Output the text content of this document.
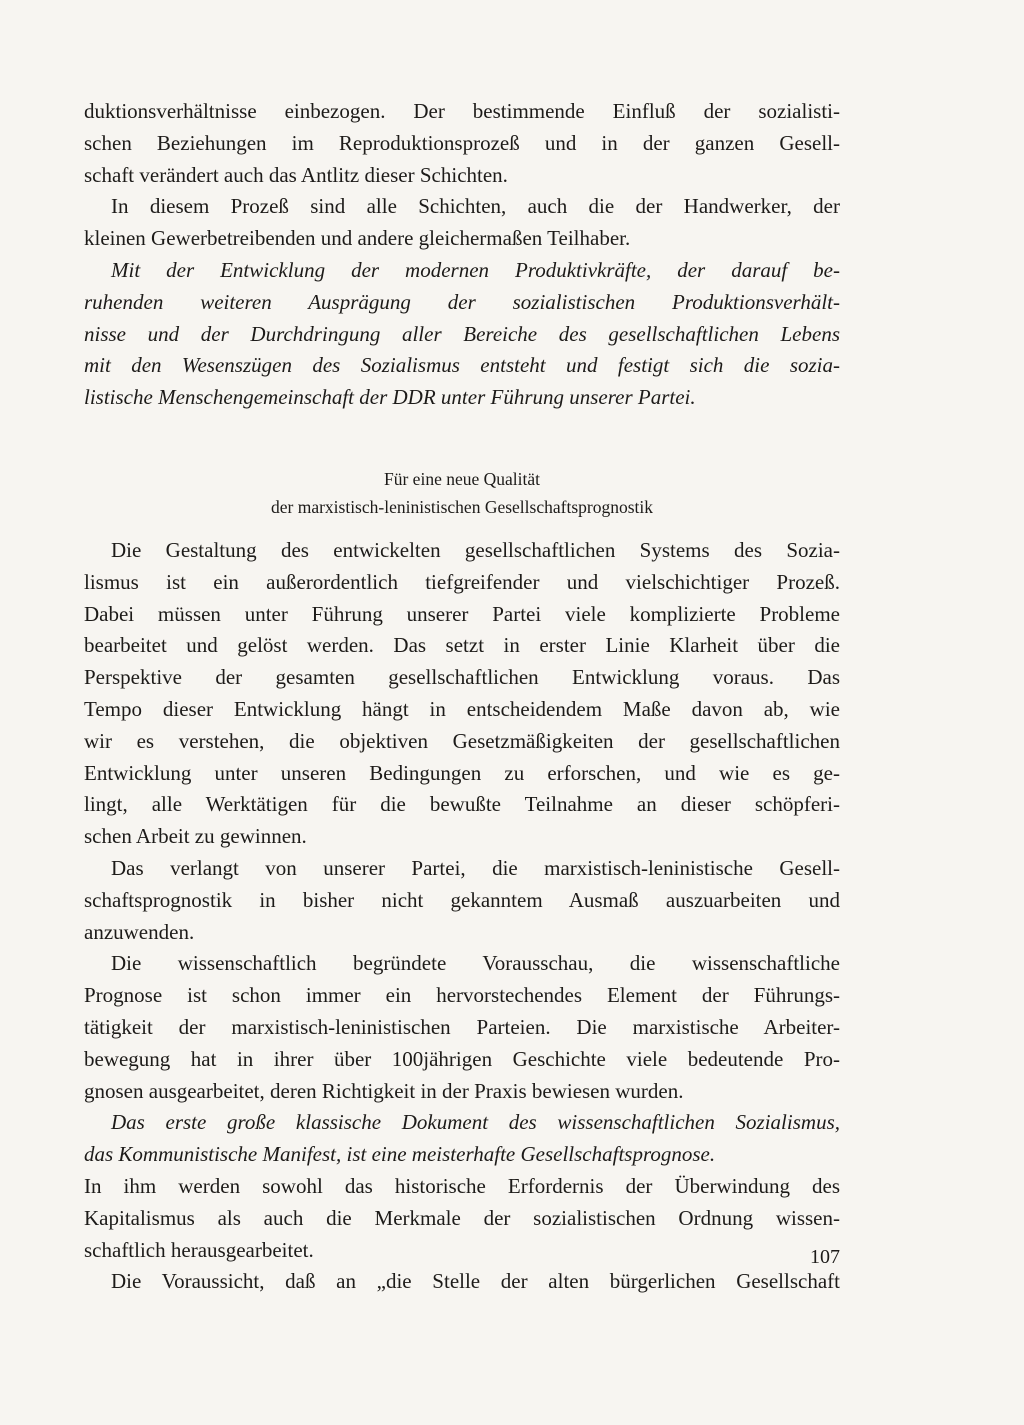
duktionsverhältnisse einbezogen. Der bestimmende Einfluß der sozialisti-

schen Beziehungen im Reproduktionsprozeß und in der ganzen Gesell-

schaft verändert auch das Antlitz dieser Schichten.

In diesem Prozeß sind alle Schichten, auch die der Handwerker, der

kleinen Gewerbetreibenden und andere gleichermaßen Teilhaber.

Mit der Entwicklung der modernen Produktivkräfte, der darauf be-

ruhenden weiteren Ausprägung der sozialistischen Produktionsverhält-

nisse und der Durchdringung aller Bereiche des gesellschaftlichen Lebens

mit den Wesenszügen des Sozialismus entsteht und festigt sich die sozia-

listische Menschengemeinschaft der DDR unter Führung unserer Partei.

Für eine neue Qualität

der marxistisch-leninistischen Gesellschaftsprognostik

Die Gestaltung des entwickelten gesellschaftlichen Systems des Sozia-

lismus ist ein außerordentlich tiefgreifender und vielschichtiger Prozeß.

Dabei müssen unter Führung unserer Partei viele komplizierte Probleme

bearbeitet und gelöst werden. Das setzt in erster Linie Klarheit über die

Perspektive der gesamten gesellschaftlichen Entwicklung voraus. Das

Tempo dieser Entwicklung hängt in entscheidendem Maße davon ab, wie

wir es verstehen, die objektiven Gesetzmäßigkeiten der gesellschaftlichen

Entwicklung unter unseren Bedingungen zu erforschen, und wie es ge-

lingt, alle Werktätigen für die bewußte Teilnahme an dieser schöpferi-

schen Arbeit zu gewinnen.

Das verlangt von unserer Partei, die marxistisch-leninistische Gesell-

schaftsprognostik in bisher nicht gekanntem Ausmaß auszuarbeiten und

anzuwenden.

Die wissenschaftlich begründete Vorausschau, die wissenschaftliche

Prognose ist schon immer ein hervorstechendes Element der Führungs-

tätigkeit der marxistisch-leninistischen Parteien. Die marxistische Arbeiter-

bewegung hat in ihrer über 100jährigen Geschichte viele bedeutende Pro-

gnosen ausgearbeitet, deren Richtigkeit in der Praxis bewiesen wurden.

Das erste große klassische Dokument des wissenschaftlichen Sozialismus,

das Kommunistische Manifest, ist eine meisterhafte Gesellschaftsprognose.

In ihm werden sowohl das historische Erfordernis der Überwindung des

Kapitalismus als auch die Merkmale der sozialistischen Ordnung wissen-

schaftlich herausgearbeitet.

Die Voraussicht, daß an „die Stelle der alten bürgerlichen Gesellschaft

107
